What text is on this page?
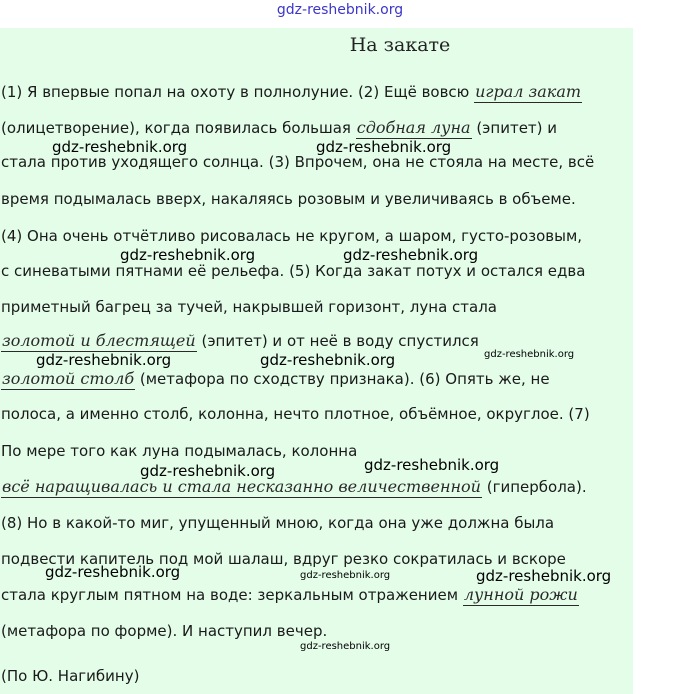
gdz-reshebnik.org
На закате
(1) Я впервые попал на охоту в полнолуние. (2) Ещё вовсю играл закат
(олицетворение), когда появилась большая сдобная луна (эпитет) и
стала против уходящего солнца. (3) Впрочем, она не стояла на месте, всё
время подымалась вверх, накаляясь розовым и увеличиваясь в объеме.
(4) Она очень отчётливо рисовалась не кругом, а шаром, густо-розовым,
с синеватыми пятнами её рельефа. (5) Когда закат потух и остался едва
приметный багрец за тучей, накрывшей горизонт, луна стала
золотой и блестящей (эпитет) и от неё в воду спустился
золотой столб (метафора по сходству признака). (6) Опять же, не
полоса, а именно столб, колонна, нечто плотное, объёмное, округлое. (7)
По мере того как луна подымалась, колонна
всё наращивалась и стала несказанно величественной (гипербола).
(8) Но в какой-то миг, упущенный мною, когда она уже должна была
подвести капитель под мой шалаш, вдруг резко сократилась и вскоре
стала круглым пятном на воде: зеркальным отражением лунной рожи
(метафора по форме). И наступил вечер.
(По Ю. Нагибину)
gdz-reshebnik.org	gdz-reshebnik.org
gdz-reshebnik.org	gdz-reshebnik.org
gdz-reshebnik.org	gdz-reshebnik.org	gdz-reshebnik.org
gdz-reshebnik.org	gdz-reshebnik.org
gdz-reshebnik.org	gdz-reshebnik.org	gdz-reshebnik.org
gdz-reshebnik.org
